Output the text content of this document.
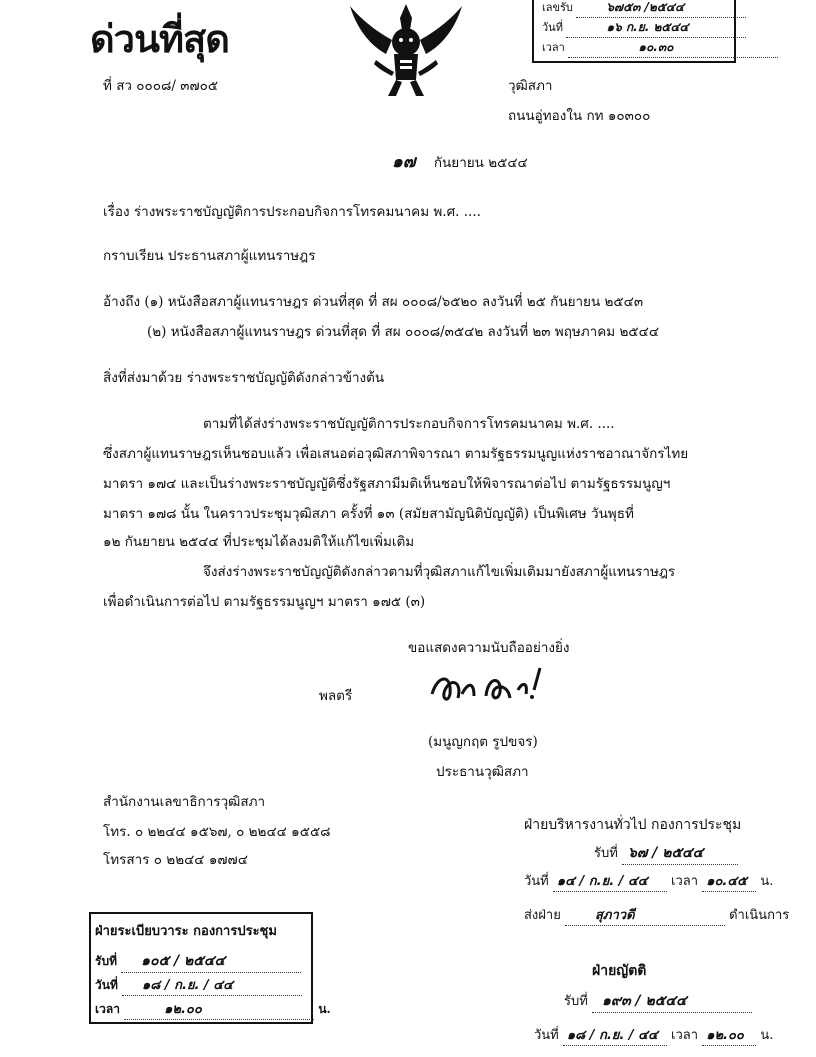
ด่วนที่สุด
เลขรับ	๖๗๕๓ /๒๕๔๔
วันที่	๑๖ ก.ย. ๒๕๔๔
เวลา	๑๐.๓๐
ที่ สว ๐๐๐๘/ ๓๗๐๕	วุฒิสภา
ถนนอู่ทองใน กท ๑๐๓๐๐
๑๗ กันยายน ๒๕๔๔
เรื่อง ร่างพระราชบัญญัติการประกอบกิจการโทรคมนาคม พ.ศ. ....
กราบเรียน ประธานสภาผู้แทนราษฎร
อ้างถึง (๑) หนังสือสภาผู้แทนราษฎร ด่วนที่สุด ที่ สผ ๐๐๐๘/๖๕๒๐ ลงวันที่ ๒๕ กันยายน ๒๕๔๓
(๒) หนังสือสภาผู้แทนราษฎร ด่วนที่สุด ที่ สผ ๐๐๐๘/๓๕๔๒ ลงวันที่ ๒๓ พฤษภาคม ๒๕๔๔
สิ่งที่ส่งมาด้วย ร่างพระราชบัญญัติดังกล่าวข้างต้น
ตามที่ได้ส่งร่างพระราชบัญญัติการประกอบกิจการโทรคมนาคม พ.ศ. ....
ซึ่งสภาผู้แทนราษฎรเห็นชอบแล้ว เพื่อเสนอต่อวุฒิสภาพิจารณา ตามรัฐธรรมนูญแห่งราชอาณาจักรไทย
มาตรา ๑๗๔ และเป็นร่างพระราชบัญญัติซึ่งรัฐสภามีมติเห็นชอบให้พิจารณาต่อไป ตามรัฐธรรมนูญฯ
มาตรา ๑๗๘ นั้น ในคราวประชุมวุฒิสภา ครั้งที่ ๑๓ (สมัยสามัญนิติบัญญัติ) เป็นพิเศษ วันพุธที่
๑๒ กันยายน ๒๕๔๔ ที่ประชุมได้ลงมติให้แก้ไขเพิ่มเติม
จึงส่งร่างพระราชบัญญัติดังกล่าวตามที่วุฒิสภาแก้ไขเพิ่มเติมมายังสภาผู้แทนราษฎร
เพื่อดำเนินการต่อไป ตามรัฐธรรมนูญฯ มาตรา ๑๗๕ (๓)
ขอแสดงความนับถืออย่างยิ่ง
พลตรี
(มนูญกฤต รูปขจร)
ประธานวุฒิสภา
สำนักงานเลขาธิการวุฒิสภา
โทร. ๐ ๒๒๔๔ ๑๕๖๗, ๐ ๒๒๔๔ ๑๕๕๘
โทรสาร ๐ ๒๒๔๔ ๑๗๗๔
ฝ่ายบริหารงานทั่วไป กองการประชุม
รับที่ ๖๗ / ๒๕๔๔
วันที่ ๑๔ / ก.ย. / ๔๔ เวลา ๑๐.๔๕ น.
ส่งฝ่าย	สุภาวดี	ดำเนินการ
ฝ่ายระเบียบวาระ กองการประชุม
รับที่ ๑๐๕ / ๒๕๔๔
วันที่ ๑๘ / ก.ย. / ๔๔
เวลา	๑๒.๐๐	น.
ฝ่ายญัตติ
รับที่ ๑๙๓ / ๒๕๔๔
วันที่ ๑๘ / ก.ย. / ๔๔ เวลา ๑๒.๐๐ น.
